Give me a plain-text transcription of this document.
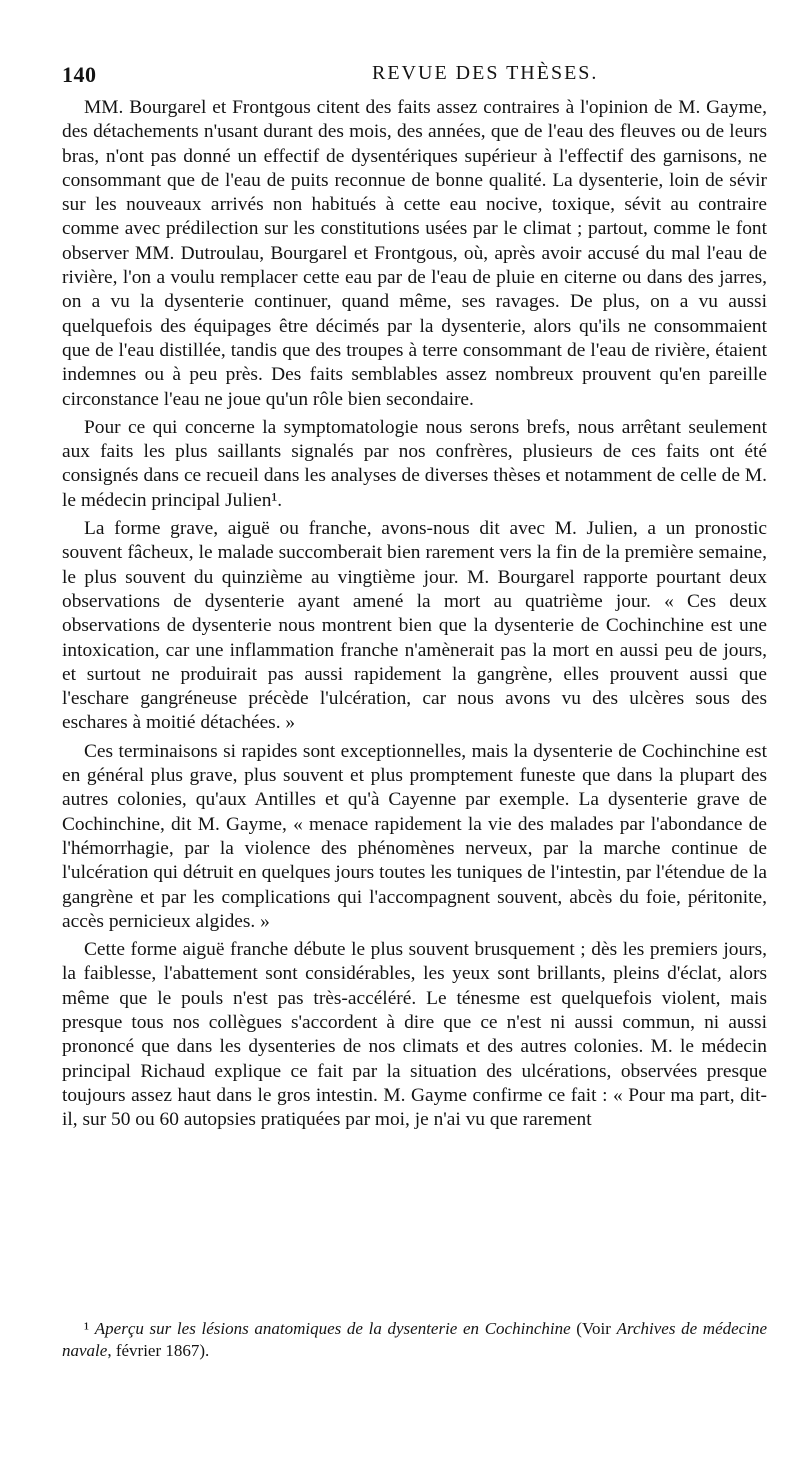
140	REVUE DES THÈSES.

MM. Bourgarel et Frontgous citent des faits assez contraires à l'opinion de M. Gayme, des détachements n'usant durant des mois, des années, que de l'eau des fleuves ou de leurs bras, n'ont pas donné un effectif de dysentériques supérieur à l'effectif des garnisons, ne consommant que de l'eau de puits reconnue de bonne qualité. La dysenterie, loin de sévir sur les nouveaux arrivés non habitués à cette eau nocive, toxique, sévit au contraire comme avec prédilection sur les constitutions usées par le climat ; partout, comme le font observer MM. Dutroulau, Bourgarel et Frontgous, où, après avoir accusé du mal l'eau de rivière, l'on a voulu remplacer cette eau par de l'eau de pluie en citerne ou dans des jarres, on a vu la dysenterie continuer, quand même, ses ravages. De plus, on a vu aussi quelquefois des équipages être décimés par la dysenterie, alors qu'ils ne consommaient que de l'eau distillée, tandis que des troupes à terre consommant de l'eau de rivière, étaient indemnes ou à peu près. Des faits semblables assez nombreux prouvent qu'en pareille circonstance l'eau ne joue qu'un rôle bien secondaire.

Pour ce qui concerne la symptomatologie nous serons brefs, nous arrêtant seulement aux faits les plus saillants signalés par nos confrères, plusieurs de ces faits ont été consignés dans ce recueil dans les analyses de diverses thèses et notamment de celle de M. le médecin principal Julien¹.

La forme grave, aiguë ou franche, avons-nous dit avec M. Julien, a un pronostic souvent fâcheux, le malade succomberait bien rarement vers la fin de la première semaine, le plus souvent du quinzième au vingtième jour. M. Bourgarel rapporte pourtant deux observations de dysenterie ayant amené la mort au quatrième jour. « Ces deux observations de dysenterie nous montrent bien que la dysenterie de Cochinchine est une intoxication, car une inflammation franche n'amènerait pas la mort en aussi peu de jours, et surtout ne produirait pas aussi rapidement la gangrène, elles prouvent aussi que l'eschare gangréneuse précède l'ulcération, car nous avons vu des ulcères sous des eschares à moitié détachées. »

Ces terminaisons si rapides sont exceptionnelles, mais la dysenterie de Cochinchine est en général plus grave, plus souvent et plus promptement funeste que dans la plupart des autres colonies, qu'aux Antilles et qu'à Cayenne par exemple. La dysenterie grave de Cochinchine, dit M. Gayme, « menace rapidement la vie des malades par l'abondance de l'hémorrhagie, par la violence des phénomènes nerveux, par la marche continue de l'ulcération qui détruit en quelques jours toutes les tuniques de l'intestin, par l'étendue de la gangrène et par les complications qui l'accompagnent souvent, abcès du foie, péritonite, accès pernicieux algides. »

Cette forme aiguë franche débute le plus souvent brusquement ; dès les premiers jours, la faiblesse, l'abattement sont considérables, les yeux sont brillants, pleins d'éclat, alors même que le pouls n'est pas très-accéléré. Le ténesme est quelquefois violent, mais presque tous nos collègues s'accordent à dire que ce n'est ni aussi commun, ni aussi prononcé que dans les dysenteries de nos climats et des autres colonies. M. le médecin principal Richaud explique ce fait par la situation des ulcérations, observées presque toujours assez haut dans le gros intestin. M. Gayme confirme ce fait : « Pour ma part, dit-il, sur 50 ou 60 autopsies pratiquées par moi, je n'ai vu que rarement

¹ Aperçu sur les lésions anatomiques de la dysenterie en Cochinchine (Voir Archives de médecine navale, février 1867).
